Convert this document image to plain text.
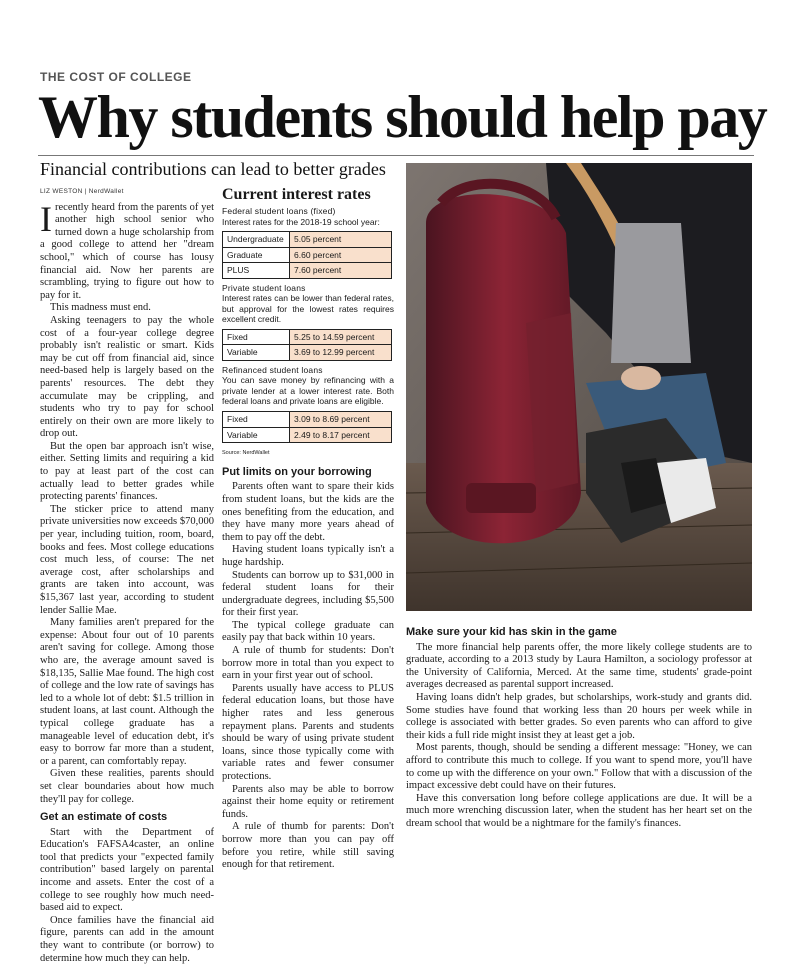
THE COST OF COLLEGE
Why students should help pay
Financial contributions can lead to better grades
LIZ WESTON | NerdWallet

Irecently heard from the parents of yet another high school senior who turned down a huge scholarship from a good college to attend her "dream school," which of course has lousy financial aid. Now her parents are scrambling, trying to figure out how to pay for it.

This madness must end.

Asking teenagers to pay the whole cost of a four-year college degree probably isn't realistic or smart. Kids may be cut off from financial aid, since need-based help is largely based on the parents' resources. The debt they accumulate may be crippling, and students who try to pay for school entirely on their own are more likely to drop out.

But the open bar approach isn't wise, either. Setting limits and requiring a kid to pay at least part of the cost can actually lead to better grades while protecting parents' finances.

The sticker price to attend many private universities now exceeds $70,000 per year, including tuition, room, board, books and fees. Most college educations cost much less, of course: The net average cost, after scholarships and grants are taken into account, was $15,367 last year, according to student lender Sallie Mae.

Many families aren't prepared for the expense: About four out of 10 parents aren't saving for college. Among those who are, the average amount saved is $18,135, Sallie Mae found. The high cost of college and the low rate of savings has led to a whole lot of debt: $1.5 trillion in student loans, at last count. Although the typical college graduate has a manageable level of education debt, it's easy to borrow far more than a student, or a parent, can comfortably repay.

Given these realities, parents should set clear boundaries about how much they'll pay for college.

Get an estimate of costs

Start with the Department of Education's FAFSA4caster, an online tool that predicts your "expected family contribution" based largely on parental income and assets. Enter the cost of a college to see roughly how much need-based aid to expect.

Once families have the financial aid figure, parents can add in the amount they want to contribute (or borrow) to determine how much they can help.

Current interest rates
Federal student loans (fixed)
Interest rates for the 2018-19 school year:
Undergraduate	5.05 percent
Graduate	6.60 percent
PLUS	7.60 percent
Private student loans
Interest rates can be lower than federal rates, but approval for the lowest rates requires excellent credit.
Fixed	5.25 to 14.59 percent
Variable	3.69 to 12.99 percent
Refinanced student loans
You can save money by refinancing with a private lender at a lower interest rate. Both federal loans and private loans are eligible.
Fixed	3.09 to 8.69 percent
Variable	2.49 to 8.17 percent
Source: NerdWallet
Put limits on your borrowing

Parents often want to spare their kids from student loans, but the kids are the ones benefiting from the education, and they have many more years ahead of them to pay off the debt.

Having student loans typically isn't a huge hardship.

Students can borrow up to $31,000 in federal student loans for their undergraduate degrees, including $5,500 for their first year.

The typical college graduate can easily pay that back within 10 years.

A rule of thumb for students: Don't borrow more in total than you expect to earn in your first year out of school.

Parents usually have access to PLUS federal education loans, but those have higher rates and less generous repayment plans. Parents and students should be wary of using private student loans, since those typically come with variable rates and fewer consumer protections.

Parents also may be able to borrow against their home equity or retirement funds.

A rule of thumb for parents: Don't borrow more than you can pay off before you retire, while still saving enough for that retirement.

Make sure your kid has skin in the game

The more financial help parents offer, the more likely college students are to graduate, according to a 2013 study by Laura Hamilton, a sociology professor at the University of California, Merced. At the same time, students' grade-point averages decreased as parental support increased.

Having loans didn't help grades, but scholarships, work-study and grants did. Some studies have found that working less than 20 hours per week while in college is associated with better grades. So even parents who can afford to give their kids a full ride might insist they at least get a job.

Most parents, though, should be sending a different message: "Honey, we can afford to contribute this much to college. If you want to spend more, you'll have to come up with the difference on your own." Follow that with a discussion of the impact excessive debt could have on their futures.

Have this conversation long before college applications are due. It will be a much more wrenching discussion later, when the student has her heart set on the dream school that would be a nightmare for the family's finances.
